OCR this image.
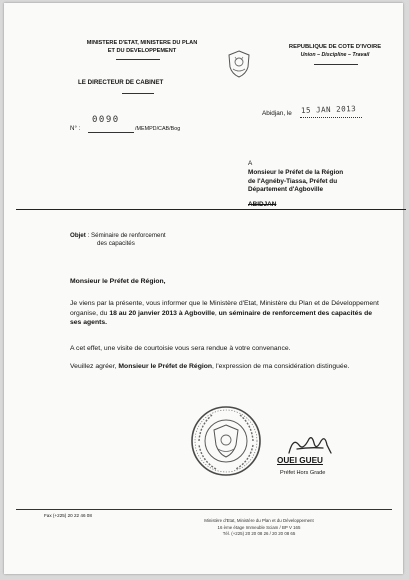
MINISTERE D'ETAT, MINISTERE DU PLAN
ET DU DEVELOPPEMENT
REPUBLIQUE DE COTE D'IVOIRE
Union – Discipline – Travail
LE DIRECTEUR DE CABINET
Abidjan, le 15 JAN 2013
N° :
0090
/MEMPD/CAB/Bog
A
Monsieur le Préfet de la Région
de l'Agnéby-Tiassa, Préfet du
Département d'Agboville
ABIDJAN
Objet : Séminaire de renforcement
des capacités
Monsieur le Préfet de Région,
Je viens par la présente, vous informer que le Ministère d'Etat, Ministère du Plan et de Développement organise, du 18 au 20 janvier 2013 à Agboville, un séminaire de renforcement des capacités de ses agents.
A cet effet, une visite de courtoisie vous sera rendue à votre convenance.
Veuillez agréer, Monsieur le Préfet de Région, l'expression de ma considération distinguée.
OUEI GUEU
Préfet Hors Grade
Fax (+225) 20 22 46 08
Ministère d'Etat, Ministère du Plan et du Développement
16 ème étage Immeuble Sciam / BP V 165
Tél. (+225) 20 20 08 26 / 20 20 08 65
